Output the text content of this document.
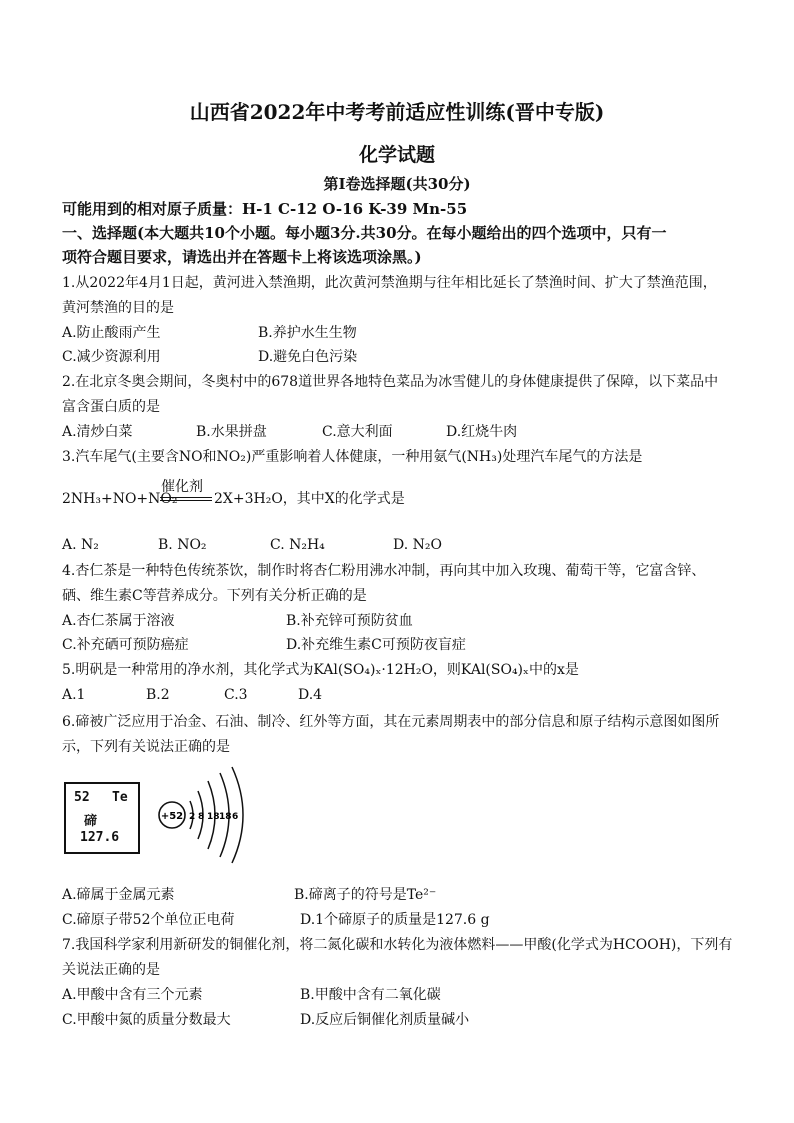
山西省2022年中考考前适应性训练(晋中专版)
化学试题
第Ⅰ卷选择题(共30分)
可能用到的相对原子质量：H-1 C-12 O-16 K-39 Mn-55
一、选择题(本大题共10个小题。每小题3分.共30分。在每小题给出的四个选项中，只有一
项符合题目要求，请选出并在答题卡上将该选项涂黑。)
1.从2022年4月1日起，黄河进入禁渔期，此次黄河禁渔期与往年相比延长了禁渔时间、扩大了禁渔范围，
黄河禁渔的目的是
A.防止酸雨产生	B.养护水生生物
C.减少资源利用	D.避免白色污染
2.在北京冬奥会期间，冬奥村中的678道世界各地特色菜品为冰雪健儿的身体健康提供了保障，以下菜品中
富含蛋白质的是
A.清炒白菜	B.水果拼盘	C.意大利面	D.红烧牛肉
3.汽车尾气(主要含NO和NO₂)严重影响着人体健康，一种用氨气(NH₃)处理汽车尾气的方法是
催化剂
2NH₃+NO+NO₂	2X+3H₂O，其中X的化学式是
A. N₂	B. NO₂	C. N₂H₄	D. N₂O
4.杏仁茶是一种特色传统茶饮，制作时将杏仁粉用沸水冲制，再向其中加入玫瑰、葡萄干等，它富含锌、
硒、维生素C等营养成分。下列有关分析正确的是
A.杏仁茶属于溶液	B.补充锌可预防贫血
C.补充硒可预防癌症	D.补充维生素C可预防夜盲症
5.明矾是一种常用的净水剂，其化学式为KAl(SO₄)ₓ·12H₂O，则KAl(SO₄)ₓ中的x是
A.1	B.2	C.3	D.4
6.碲被广泛应用于冶金、石油、制冷、红外等方面，其在元素周期表中的部分信息和原子结构示意图如图所
示，下列有关说法正确的是
52 Te
碲
127.6
+52 2 8 18 18 6
A.碲属于金属元素	B.碲离子的符号是Te²⁻
C.碲原子带52个单位正电荷	D.1个碲原子的质量是127.6 g
7.我国科学家利用新研发的铜催化剂，将二氮化碳和水转化为液体燃料——甲酸(化学式为HCOOH)，下列有
关说法正确的是
A.甲酸中含有三个元素	B.甲酸中含有二氧化碳
C.甲酸中氮的质量分数最大	D.反应后铜催化剂质量碱小
